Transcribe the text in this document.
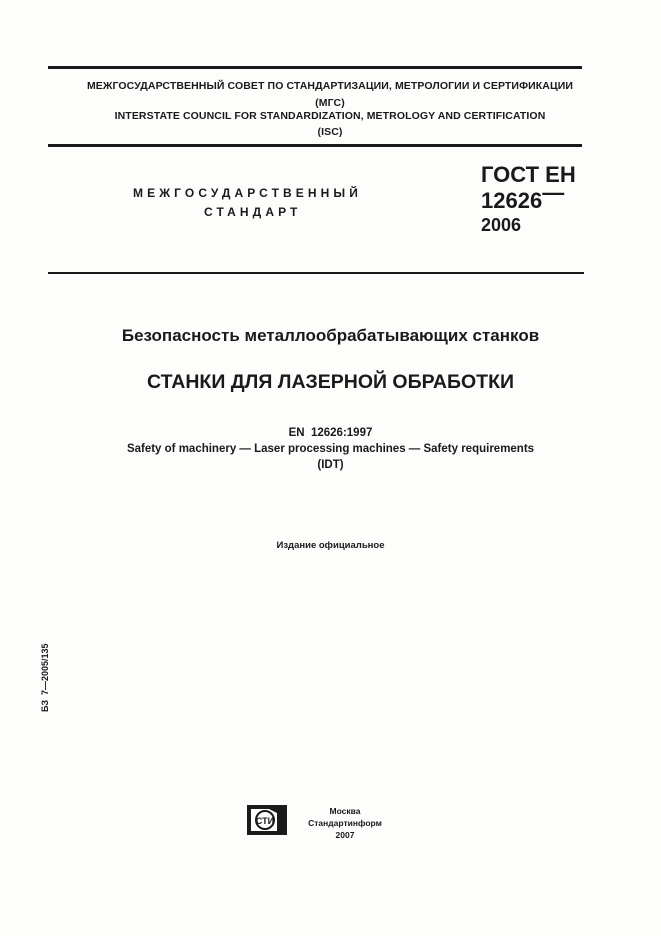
МЕЖГОСУДАРСТВЕННЫЙ СОВЕТ ПО СТАНДАРТИЗАЦИИ, МЕТРОЛОГИИ И СЕРТИФИКАЦИИ
(МГС)
INTERSTATE COUNCIL FOR STANDARDIZATION, METROLOGY AND CERTIFICATION
(ISC)
МЕЖГОСУДАРСТВЕННЫЙ
СТАНДАРТ
ГОСТ ЕН
12626—
2006
Безопасность металлообрабатывающих станков
СТАНКИ ДЛЯ ЛАЗЕРНОЙ ОБРАБОТКИ
EN  12626:1997
Safety of machinery — Laser processing machines — Safety requirements
(IDT)
Издание официальное
БЗ  7—2005/135
СТИ
Москва
Стандартинформ
2007
